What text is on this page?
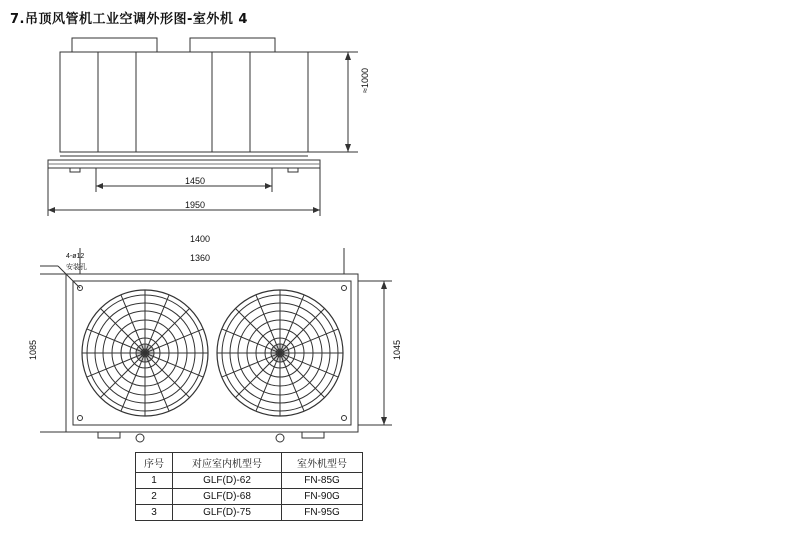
7.吊顶风管机工业空调外形图-室外机 4
≈1000
1450
1950
1400
1360
1085	1045
4-ø12
安装孔
序号	对应室内机型号	室外机型号
1	GLF(D)-62	FN-85G
2	GLF(D)-68	FN-90G
3	GLF(D)-75	FN-95G
